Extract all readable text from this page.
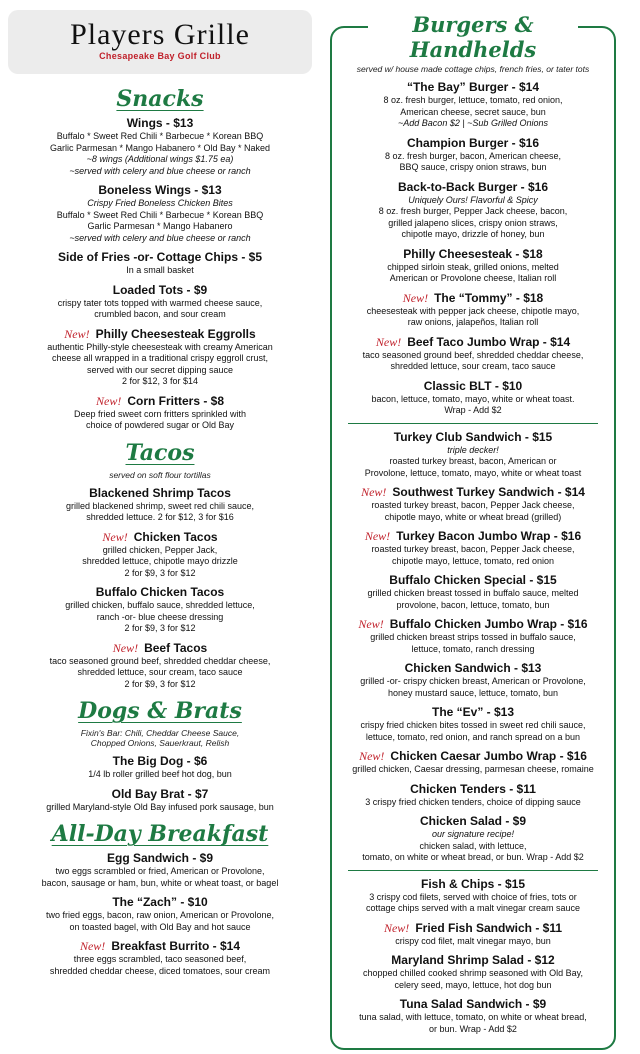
Players Grille
Chesapeake Bay Golf Club
Snacks
Wings - $13
Buffalo * Sweet Red Chili * Barbecue * Korean BBQ
Garlic Parmesan * Mango Habanero * Old Bay * Naked
~8 wings (Additional wings $1.75 ea)
~served with celery and blue cheese or ranch
Boneless Wings - $13
Crispy Fried Boneless Chicken Bites
Buffalo * Sweet Red Chili * Barbecue * Korean BBQ
Garlic Parmesan * Mango Habanero
~served with celery and blue cheese or ranch
Side of Fries -or- Cottage Chips - $5
In a small basket
Loaded Tots - $9
crispy tater tots topped with warmed cheese sauce,
crumbled bacon, and sour cream
New! Philly Cheesesteak Eggrolls
authentic Philly-style cheesesteak with creamy American
cheese all wrapped in a traditional crispy eggroll crust,
served with our secret dipping sauce
2 for $12, 3 for $14
New! Corn Fritters - $8
Deep fried sweet corn fritters sprinkled with
choice of powdered sugar or Old Bay
Tacos
served on soft flour tortillas
Blackened Shrimp Tacos
grilled blackened shrimp, sweet red chili sauce,
shredded lettuce. 2 for $12, 3 for $16
New! Chicken Tacos
grilled chicken, Pepper Jack,
shredded lettuce, chipotle mayo drizzle
2 for $9, 3 for $12
Buffalo Chicken Tacos
grilled chicken, buffalo sauce, shredded lettuce,
ranch -or- blue cheese dressing
2 for $9, 3 for $12
New! Beef Tacos
taco seasoned ground beef, shredded cheddar cheese,
shredded lettuce, sour cream, taco sauce
2 for $9, 3 for $12
Dogs & Brats
Fixin's Bar: Chili, Cheddar Cheese Sauce,
Chopped Onions, Sauerkraut, Relish
The Big Dog - $6
1/4 lb roller grilled beef hot dog, bun
Old Bay Brat - $7
grilled Maryland-style Old Bay infused pork sausage, bun
All-Day Breakfast
Egg Sandwich - $9
two eggs scrambled or fried, American or Provolone,
bacon, sausage or ham, bun, white or wheat toast, or bagel
The “Zach” - $10
two fried eggs, bacon, raw onion, American or Provolone,
on toasted bagel, with Old Bay and hot sauce
New! Breakfast Burrito - $14
three eggs scrambled, taco seasoned beef,
shredded cheddar cheese, diced tomatoes, sour cream
Burgers & Handhelds
served w/ house made cottage chips, french fries, or tater tots
“The Bay” Burger - $14
8 oz. fresh burger, lettuce, tomato, red onion,
American cheese, secret sauce, bun
~Add Bacon $2 | ~Sub Grilled Onions
Champion Burger - $16
8 oz. fresh burger, bacon, American cheese,
BBQ sauce, crispy onion straws, bun
Back-to-Back Burger - $16
Uniquely Ours! Flavorful & Spicy
8 oz. fresh burger, Pepper Jack cheese, bacon,
grilled jalapeno slices, crispy onion straws,
chipotle mayo, drizzle of honey, bun
Philly Cheesesteak - $18
chipped sirloin steak, grilled onions, melted
American or Provolone cheese, Italian roll
New! The “Tommy” - $18
cheesesteak with pepper jack cheese, chipotle mayo,
raw onions, jalapeños, Italian roll
New! Beef Taco Jumbo Wrap - $14
taco seasoned ground beef, shredded cheddar cheese,
shredded lettuce, sour cream, taco sauce
Classic BLT - $10
bacon, lettuce, tomato, mayo, white or wheat toast.
Wrap - Add $2
Turkey Club Sandwich - $15
triple decker!
roasted turkey breast, bacon, American or
Provolone, lettuce, tomato, mayo, white or wheat toast
New! Southwest Turkey Sandwich - $14
roasted turkey breast, bacon, Pepper Jack cheese,
chipotle mayo, white or wheat bread (grilled)
New! Turkey Bacon Jumbo Wrap - $16
roasted turkey breast, bacon, Pepper Jack cheese,
chipotle mayo, lettuce, tomato, red onion
Buffalo Chicken Special - $15
grilled chicken breast tossed in buffalo sauce, melted
provolone, bacon, lettuce, tomato, bun
New! Buffalo Chicken Jumbo Wrap - $16
grilled chicken breast strips tossed in buffalo sauce,
lettuce, tomato, ranch dressing
Chicken Sandwich - $13
grilled -or- crispy chicken breast, American or Provolone,
honey mustard sauce, lettuce, tomato, bun
The “Ev” - $13
crispy fried chicken bites tossed in sweet red chili sauce,
lettuce, tomato, red onion, and ranch spread on a bun
New! Chicken Caesar Jumbo Wrap - $16
grilled chicken, Caesar dressing, parmesan cheese, romaine
Chicken Tenders - $11
3 crispy fried chicken tenders, choice of dipping sauce
Chicken Salad - $9
our signature recipe!
chicken salad, with lettuce,
tomato, on white or wheat bread, or bun. Wrap - Add $2
Fish & Chips - $15
3 crispy cod filets, served with choice of fries, tots or
cottage chips served with a malt vinegar cream sauce
New! Fried Fish Sandwich - $11
crispy cod filet, malt vinegar mayo, bun
Maryland Shrimp Salad - $12
chopped chilled cooked shrimp seasoned with Old Bay,
celery seed, mayo, lettuce, hot dog bun
Tuna Salad Sandwich - $9
tuna salad, with lettuce, tomato, on white or wheat bread,
or bun. Wrap - Add $2
